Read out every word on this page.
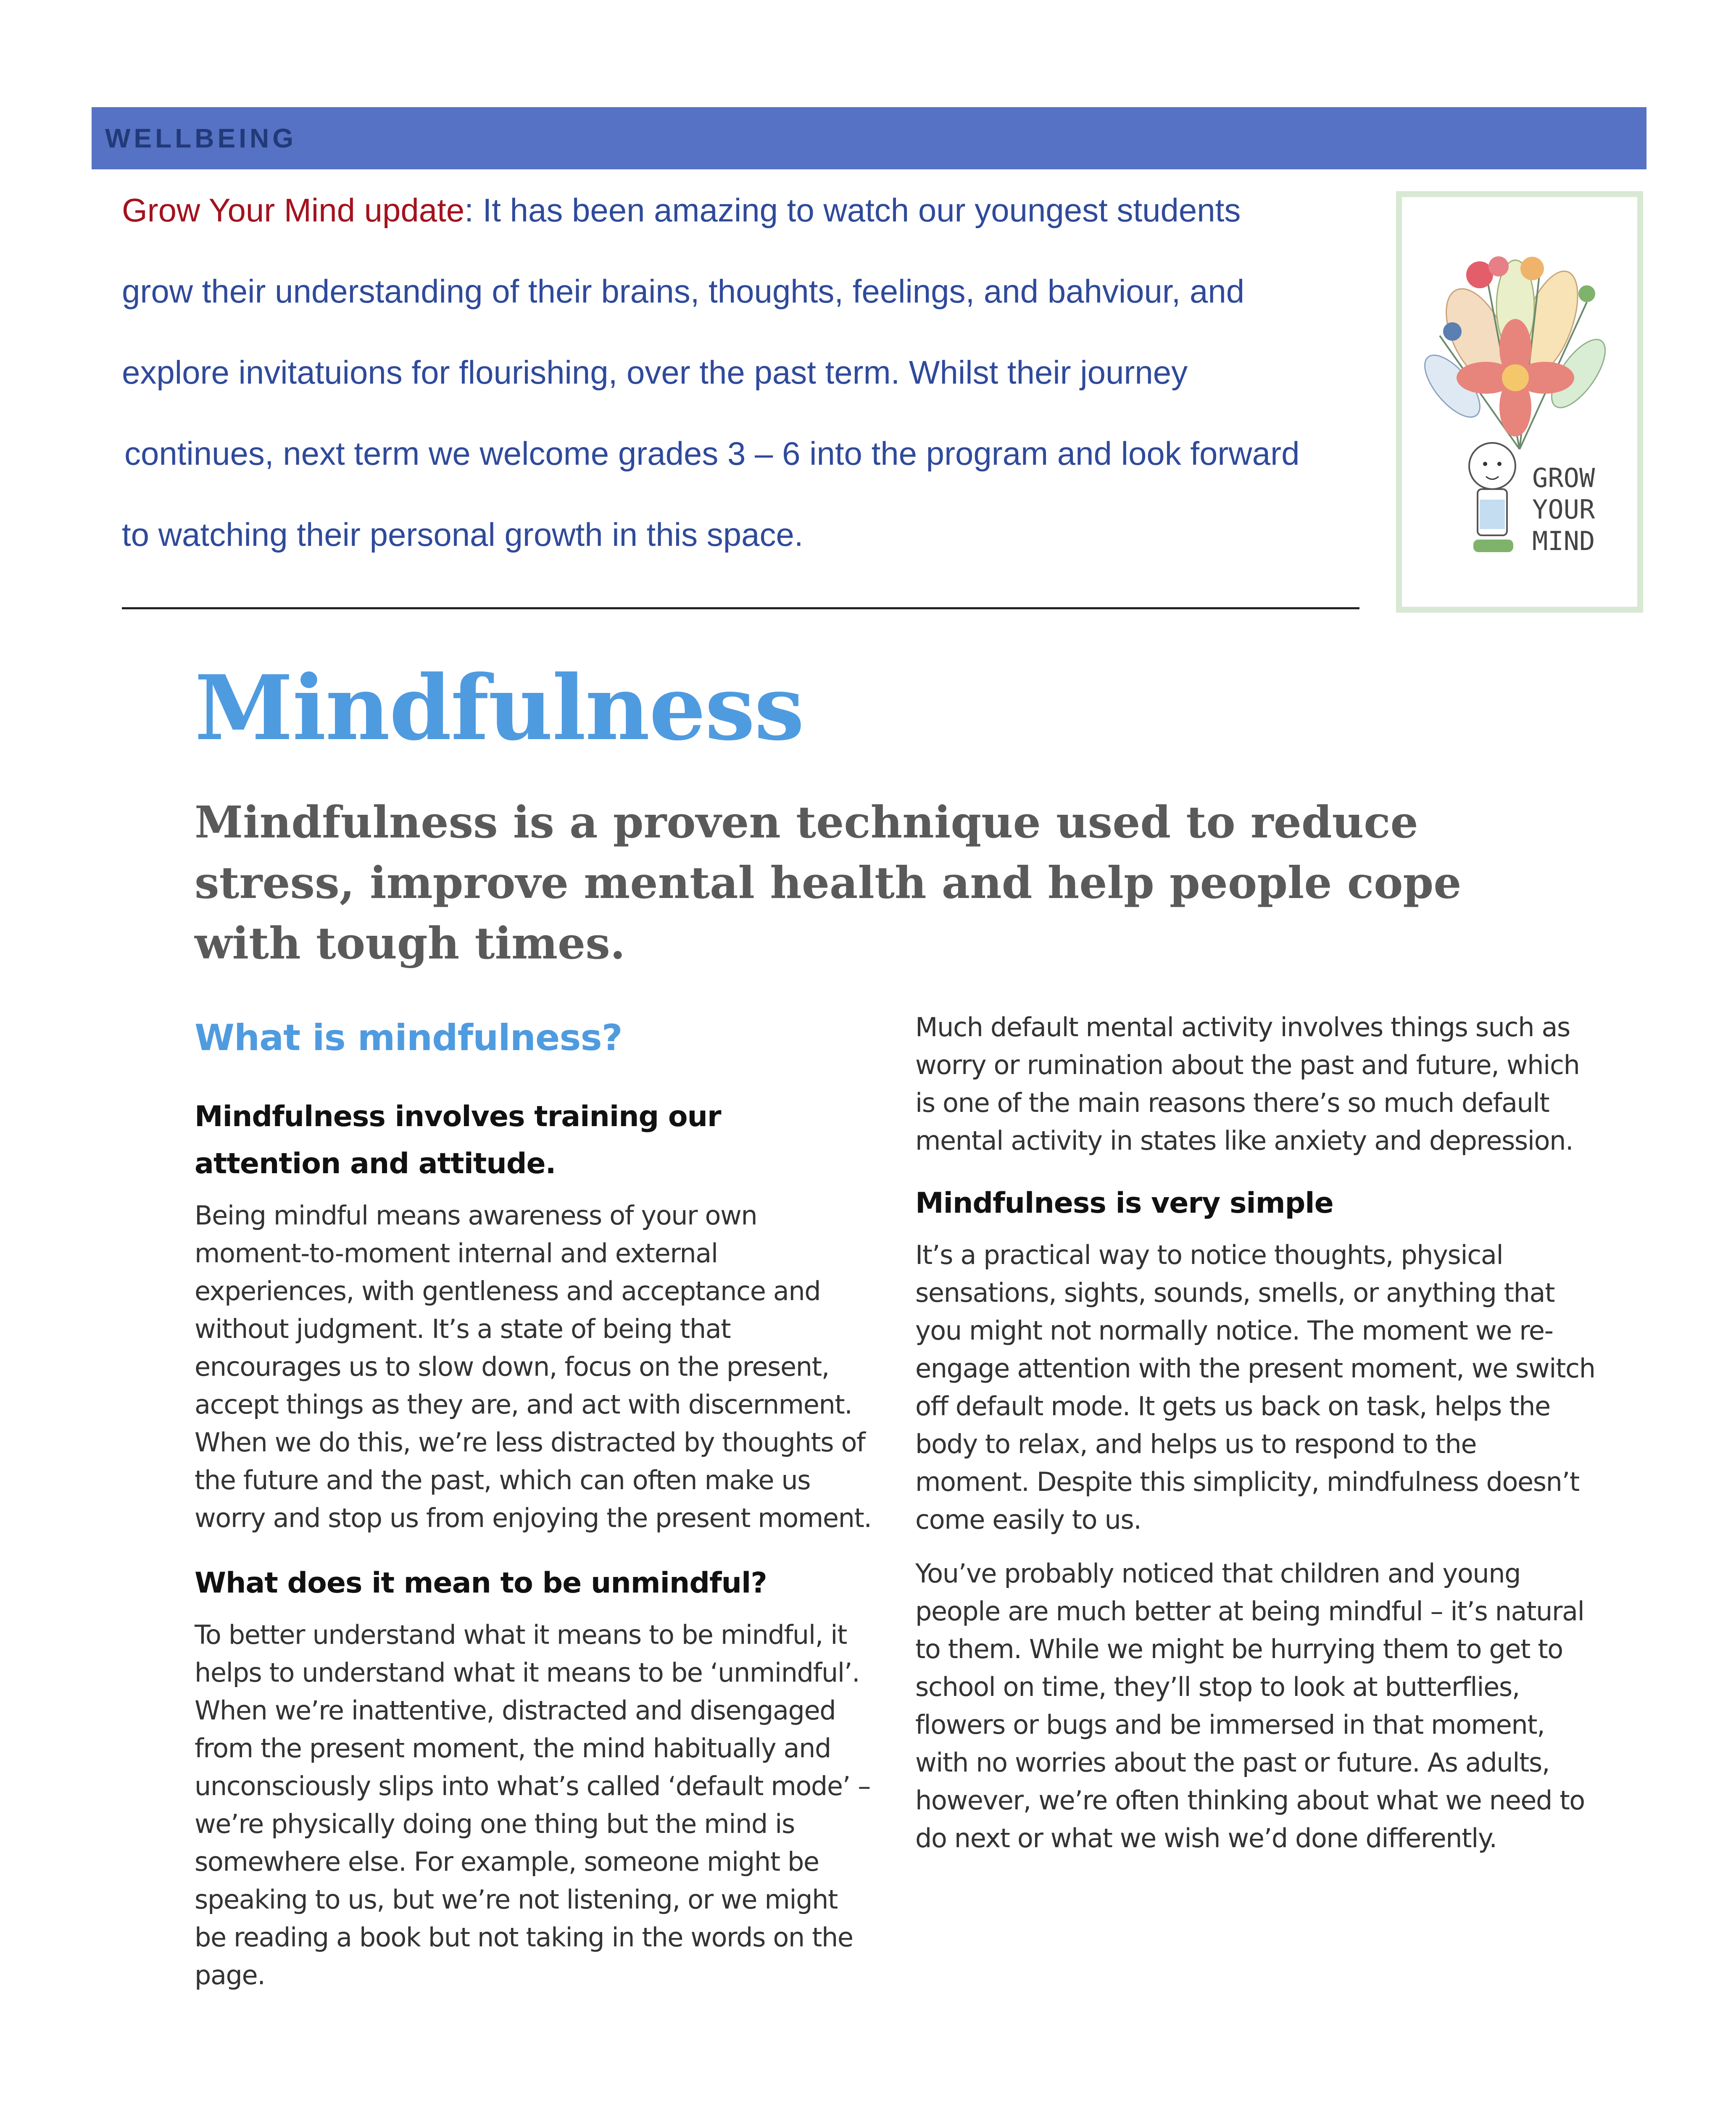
WELLBEING
Grow Your Mind update: It has been amazing to watch our youngest students
grow their understanding of their brains, thoughts, feelings, and bahviour, and
explore invitatuions for flourishing, over the past term. Whilst their journey
continues, next term we welcome grades 3 – 6 into the program and look forward
to watching their personal growth in this space.
GROW
YOUR
MIND
Mindfulness
Mindfulness is a proven technique used to reduce stress, improve mental health and help people cope with tough times.
What is mindfulness?
Mindfulness involves training our attention and attitude.

Being mindful means awareness of your own moment-to-moment internal and external experiences, with gentleness and acceptance and without judgment. It’s a state of being that encourages us to slow down, focus on the present, accept things as they are, and act with discernment. When we do this, we’re less distracted by thoughts of the future and the past, which can often make us worry and stop us from enjoying the present moment.

What does it mean to be unmindful?

To better understand what it means to be mindful, it helps to understand what it means to be ‘unmindful’. When we’re inattentive, distracted and disengaged from the present moment, the mind habitually and unconsciously slips into what’s called ‘default mode’ – we’re physically doing one thing but the mind is somewhere else. For example, someone might be speaking to us, but we’re not listening, or we might be reading a book but not taking in the words on the page.

Much default mental activity involves things such as worry or rumination about the past and future, which is one of the main reasons there’s so much default mental activity in states like anxiety and depression.

Mindfulness is very simple

It’s a practical way to notice thoughts, physical sensations, sights, sounds, smells, or anything that you might not normally notice. The moment we re-engage attention with the present moment, we switch off default mode. It gets us back on task, helps the body to relax, and helps us to respond to the moment. Despite this simplicity, mindfulness doesn’t come easily to us.

You’ve probably noticed that children and young people are much better at being mindful – it’s natural to them. While we might be hurrying them to get to school on time, they’ll stop to look at butterflies, flowers or bugs and be immersed in that moment, with no worries about the past or future. As adults, however, we’re often thinking about what we need to do next or what we wish we’d done differently.
